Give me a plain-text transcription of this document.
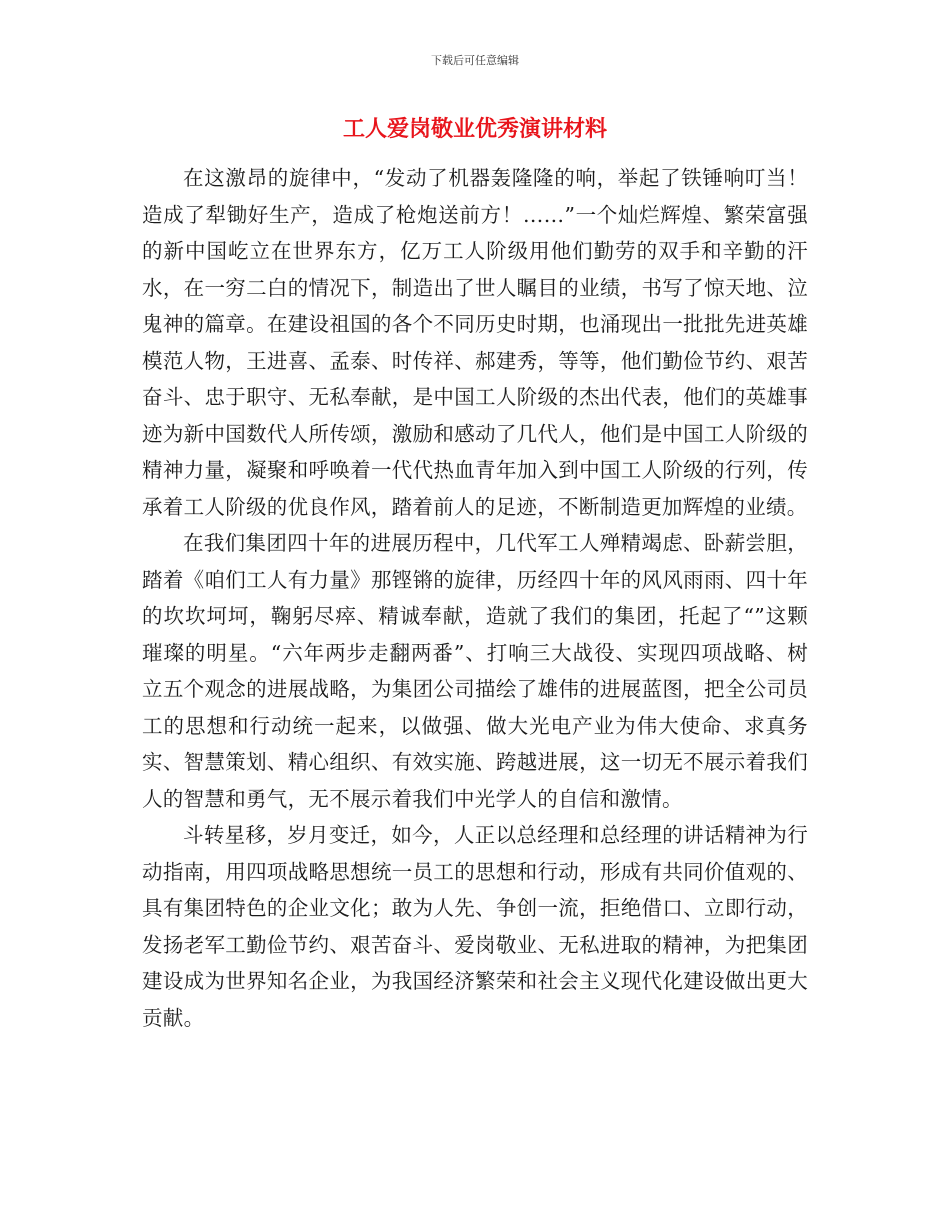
下载后可任意编辑
工人爱岗敬业优秀演讲材料

在这激昂的旋律中，“发动了机器轰隆隆的响，举起了铁锤响叮当！造成了犁锄好生产，造成了枪炮送前方！……”一个灿烂辉煌、繁荣富强的新中国屹立在世界东方，亿万工人阶级用他们勤劳的双手和辛勤的汗水，在一穷二白的情况下，制造出了世人瞩目的业绩，书写了惊天地、泣鬼神的篇章。在建设祖国的各个不同历史时期，也涌现出一批批先进英雄模范人物，王进喜、孟泰、时传祥、郝建秀，等等，他们勤俭节约、艰苦奋斗、忠于职守、无私奉献，是中国工人阶级的杰出代表，他们的英雄事迹为新中国数代人所传颂，激励和感动了几代人，他们是中国工人阶级的精神力量，凝聚和呼唤着一代代热血青年加入到中国工人阶级的行列，传承着工人阶级的优良作风，踏着前人的足迹，不断制造更加辉煌的业绩。

在我们集团四十年的进展历程中，几代军工人殚精竭虑、卧薪尝胆，踏着《咱们工人有力量》那铿锵的旋律，历经四十年的风风雨雨、四十年的坎坎坷坷，鞠躬尽瘁、精诚奉献，造就了我们的集团，托起了“”这颗璀璨的明星。“六年两步走翻两番”、打响三大战役、实现四项战略、树立五个观念的进展战略，为集团公司描绘了雄伟的进展蓝图，把全公司员工的思想和行动统一起来，以做强、做大光电产业为伟大使命、求真务实、智慧策划、精心组织、有效实施、跨越进展，这一切无不展示着我们人的智慧和勇气，无不展示着我们中光学人的自信和激情。

斗转星移，岁月变迁，如今，人正以总经理和总经理的讲话精神为行动指南，用四项战略思想统一员工的思想和行动，形成有共同价值观的、具有集团特色的企业文化；敢为人先、争创一流，拒绝借口、立即行动，发扬老军工勤俭节约、艰苦奋斗、爱岗敬业、无私进取的精神，为把集团建设成为世界知名企业，为我国经济繁荣和社会主义现代化建设做出更大贡献。
